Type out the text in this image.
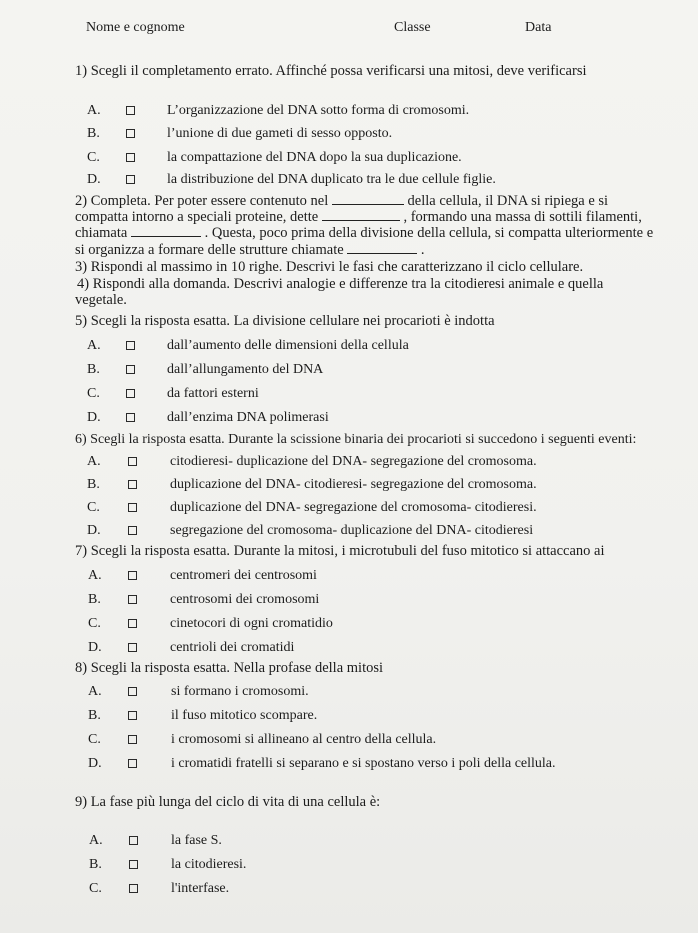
Nome e cognome	Classe	Data
1) Scegli il completamento errato. Affinché possa verificarsi una mitosi, deve verificarsi
A.	L’organizzazione del DNA sotto forma di cromosomi.
B.	l’unione di due gameti di sesso opposto.
C.	la compattazione del DNA dopo la sua duplicazione.
D.	la distribuzione del DNA duplicato tra le due cellule figlie.
2) Completa. Per poter essere contenuto nel	della cellula, il DNA si ripiega e si
compatta intorno a speciali proteine, dette	, formando una massa di sottili filamenti,
chiamata	. Questa, poco prima della divisione della cellula, si compatta ulteriormente e
si organizza a formare delle strutture chiamate	.
3) Rispondi al massimo in 10 righe. Descrivi le fasi che caratterizzano il ciclo cellulare.
4) Rispondi alla domanda. Descrivi analogie e differenze tra la citodieresi animale e quella
vegetale.
5) Scegli la risposta esatta. La divisione cellulare nei procarioti è indotta
A.	dall’aumento delle dimensioni della cellula
B.	dall’allungamento del DNA
C.	da fattori esterni
D.	dall’enzima DNA polimerasi
6) Scegli la risposta esatta. Durante la scissione binaria dei procarioti si succedono i seguenti eventi:
A.	citodieresi- duplicazione del DNA- segregazione del cromosoma.
B.	duplicazione del DNA- citodieresi- segregazione del cromosoma.
C.	duplicazione del DNA- segregazione del cromosoma- citodieresi.
D.	segregazione del cromosoma- duplicazione del DNA- citodieresi
7) Scegli la risposta esatta. Durante la mitosi, i microtubuli del fuso mitotico si attaccano ai
A.	centromeri dei centrosomi
B.	centrosomi dei cromosomi
C.	cinetocori di ogni cromatidio
D.	centrioli dei cromatidi
8) Scegli la risposta esatta. Nella profase della mitosi
A.	si formano i cromosomi.
B.	il fuso mitotico scompare.
C.	i cromosomi si allineano al centro della cellula.
D.	i cromatidi fratelli si separano e si spostano verso i poli della cellula.
9) La fase più lunga del ciclo di vita di una cellula è:
A.	la fase S.
B.	la citodieresi.
C.	l'interfase.
